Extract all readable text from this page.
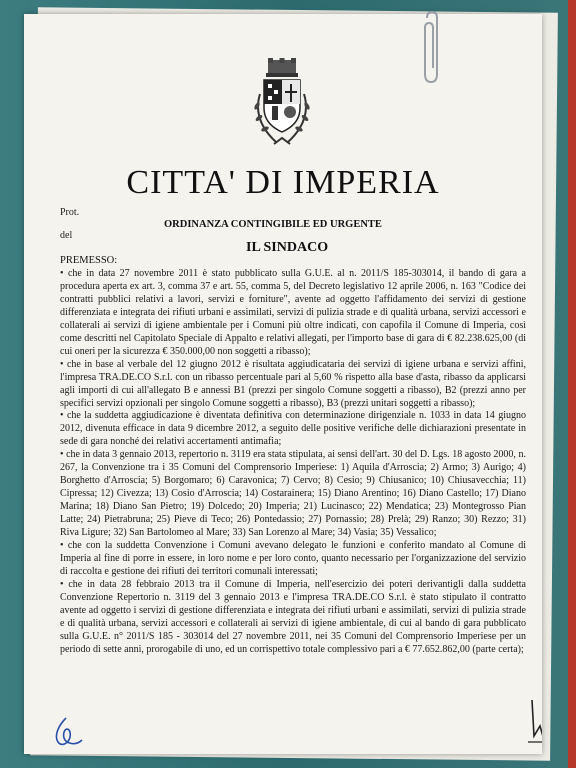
CITTA' DI IMPERIA
Prot.
ORDINANZA CONTINGIBILE ED URGENTE
del
IL SINDACO
PREMESSO:

• che in data 27 novembre 2011 è stato pubblicato sulla G.U.E. al n. 2011/S 185-303014, il bando di gara a procedura aperta ex art. 3, comma 37 e art. 55, comma 5, del Decreto legislativo 12 aprile 2006, n. 163 "Codice dei contratti pubblici relativi a lavori, servizi e forniture", avente ad oggetto l'affidamento dei servizi di gestione differenziata e integrata dei rifiuti urbani e assimilati, servizi di pulizia strade e di qualità urbana, servizi accessori e collaterali ai servizi di igiene ambientale per i Comuni più oltre indicati, con capofila il Comune di Imperia, così come descritti nel Capitolato Speciale di Appalto e relativi allegati, per l'importo base di gara di € 82.238.625,00 (di cui oneri per la sicurezza € 350.000,00 non soggetti a ribasso);

• che in base al verbale del 12 giugno 2012 è risultata aggiudicataria dei servizi di igiene urbana e servizi affini, l'impresa TRA.DE.CO S.r.l. con un ribasso percentuale pari al 5,60 % rispetto alla base d'asta, ribasso da applicarsi agli importi di cui all'allegato B e annessi B1 (prezzi per singolo Comune soggetti a ribasso), B2 (prezzi anno per specifici servizi opzionali per singolo Comune soggetti a ribasso), B3 (prezzi unitari soggetti a ribasso);

• che la suddetta aggiudicazione è diventata definitiva con determinazione dirigenziale n. 1033 in data 14 giugno 2012, divenuta efficace in data 9 dicembre 2012, a seguito delle positive verifiche delle dichiarazioni presentate in sede di gara nonché dei relativi accertamenti antimafia;

• che in data 3 gennaio 2013, repertorio n. 3119 era stata stipulata, ai sensi dell'art. 30 del D. Lgs. 18 agosto 2000, n. 267, la Convenzione tra i 35 Comuni del Comprensorio Imperiese: 1) Aquila d'Arroscia; 2) Armo; 3) Aurigo; 4) Borghetto d'Arroscia; 5) Borgomaro; 6) Caravonica; 7) Cervo; 8) Cesio; 9) Chiusanico; 10) Chiusavecchia; 11) Cipressa; 12) Civezza; 13) Cosio d'Arroscia; 14) Costarainera; 15) Diano Arentino; 16) Diano Castello; 17) Diano Marina; 18) Diano San Pietro; 19) Dolcedo; 20) Imperia; 21) Lucinasco; 22) Mendatica; 23) Montegrosso Pian Latte; 24) Pietrabruna; 25) Pieve di Teco; 26) Pontedassio; 27) Pornassio; 28) Prelà; 29) Ranzo; 30) Rezzo; 31) Riva Ligure; 32) San Bartolomeo al Mare; 33) San Lorenzo al Mare; 34) Vasia; 35) Vessalico;

• che con la suddetta Convenzione i Comuni avevano delegato le funzioni e conferito mandato al Comune di Imperia al fine di porre in essere, in loro nome e per loro conto, quanto necessario per l'organizzazione del servizio di raccolta e gestione dei rifiuti dei territori comunali interessati;

• che in data 28 febbraio 2013 tra il Comune di Imperia, nell'esercizio dei poteri derivantigli dalla suddetta Convenzione Repertorio n. 3119 del 3 gennaio 2013 e l'impresa TRA.DE.CO S.r.l. è stato stipulato il contratto avente ad oggetto i servizi di gestione differenziata e integrata dei rifiuti urbani e assimilati, servizi di pulizia strade e di qualità urbana, servizi accessori e collaterali ai servizi di igiene ambientale, di cui al bando di gara pubblicato sulla G.U.E. n° 2011/S 185 - 303014 del 27 novembre 2011, nei 35 Comuni del Comprensorio Imperiese per un periodo di sette anni, prorogabile di uno, ed un corrispettivo totale complessivo pari a € 77.652.862,00 (parte certa);
